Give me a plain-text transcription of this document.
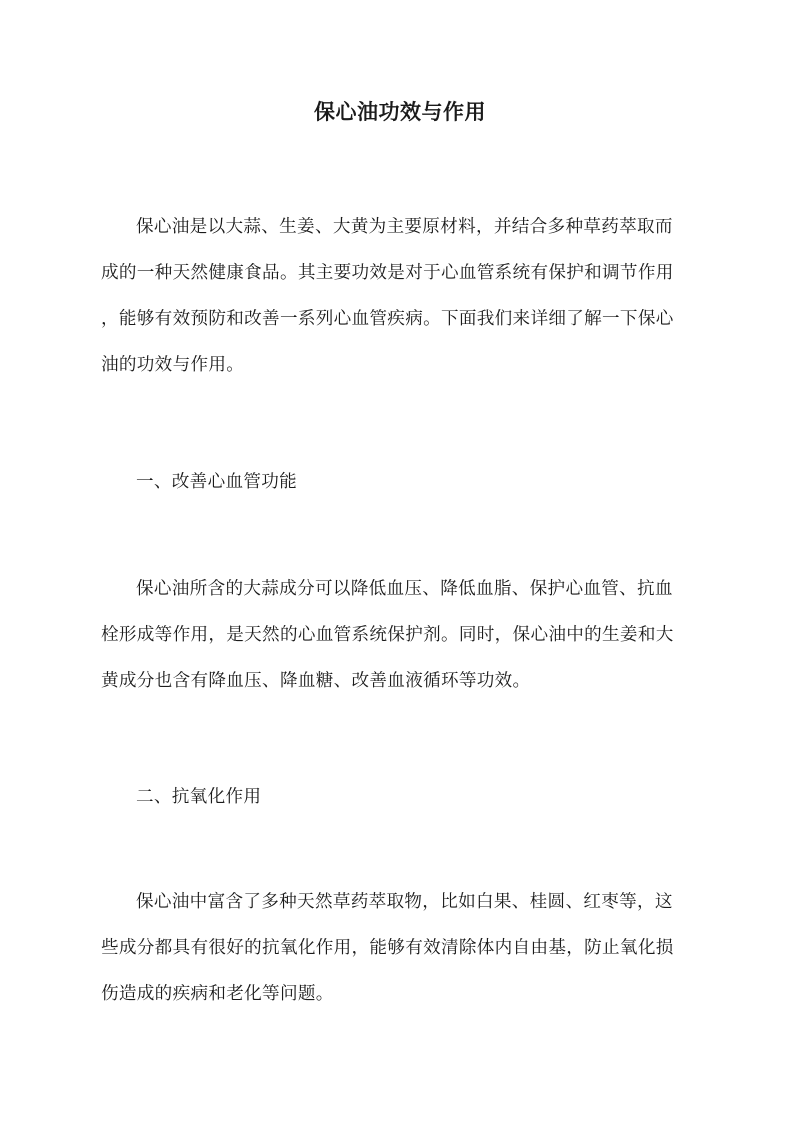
保心油功效与作用
保心油是以大蒜、生姜、大黄为主要原材料，并结合多种草药萃取而
成的一种天然健康食品。其主要功效是对于心血管系统有保护和调节作用
，能够有效预防和改善一系列心血管疾病。下面我们来详细了解一下保心
油的功效与作用。
一、改善心血管功能
保心油所含的大蒜成分可以降低血压、降低血脂、保护心血管、抗血
栓形成等作用，是天然的心血管系统保护剂。同时，保心油中的生姜和大
黄成分也含有降血压、降血糖、改善血液循环等功效。
二、抗氧化作用
保心油中富含了多种天然草药萃取物，比如白果、桂圆、红枣等，这
些成分都具有很好的抗氧化作用，能够有效清除体内自由基，防止氧化损
伤造成的疾病和老化等问题。
